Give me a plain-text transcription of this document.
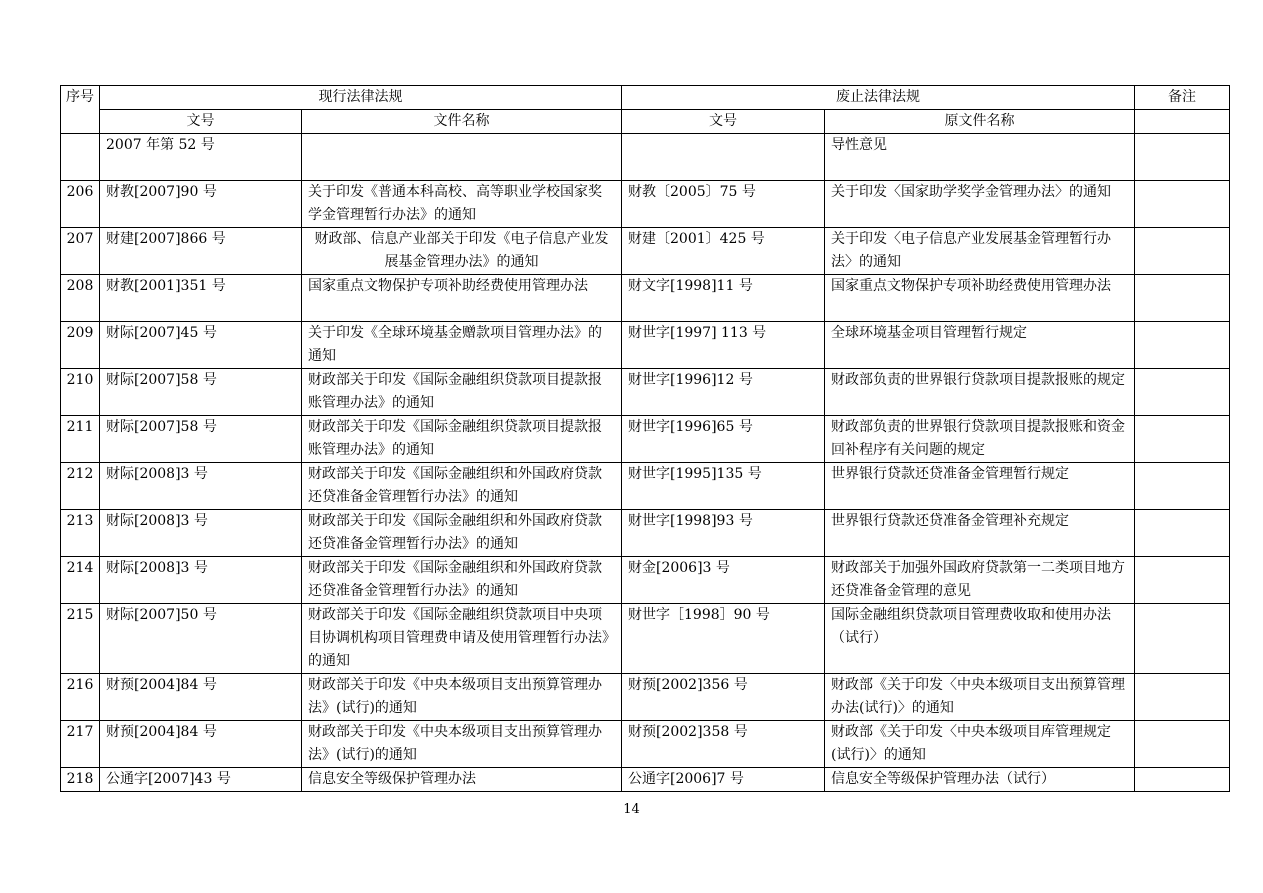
序号	现行法律法规		废止法律法规		备注
	文号	文件名称	文号	原文件名称	
	2007 年第 52 号			导性意见	
206	财教[2007]90 号	关于印发《普通本科高校、高等职业学校国家奖学金管理暂行办法》的通知	财教〔2005〕75 号	关于印发〈国家助学奖学金管理办法〉的通知	
207	财建[2007]866 号	财政部、信息产业部关于印发《电子信息产业发展基金管理办法》的通知	财建〔2001〕425 号	关于印发〈电子信息产业发展基金管理暂行办法〉的通知	
208	财教[2001]351 号	国家重点文物保护专项补助经费使用管理办法	财文字[1998]11 号	国家重点文物保护专项补助经费使用管理办法	
209	财际[2007]45 号	关于印发《全球环境基金赠款项目管理办法》的通知	财世字[1997] 113 号	全球环境基金项目管理暂行规定	
210	财际[2007]58 号	财政部关于印发《国际金融组织贷款项目提款报账管理办法》的通知	财世字[1996]12 号	财政部负责的世界银行贷款项目提款报账的规定	
211	财际[2007]58 号	财政部关于印发《国际金融组织贷款项目提款报账管理办法》的通知	财世字[1996]65 号	财政部负责的世界银行贷款项目提款报账和资金回补程序有关问题的规定	
212	财际[2008]3 号	财政部关于印发《国际金融组织和外国政府贷款还贷准备金管理暂行办法》的通知	财世字[1995]135 号	世界银行贷款还贷准备金管理暂行规定	
213	财际[2008]3 号	财政部关于印发《国际金融组织和外国政府贷款还贷准备金管理暂行办法》的通知	财世字[1998]93 号	世界银行贷款还贷准备金管理补充规定	
214	财际[2008]3 号	财政部关于印发《国际金融组织和外国政府贷款还贷准备金管理暂行办法》的通知	财金[2006]3 号	财政部关于加强外国政府贷款第一二类项目地方还贷准备金管理的意见	
215	财际[2007]50 号	财政部关于印发《国际金融组织贷款项目中央项目协调机构项目管理费申请及使用管理暂行办法》的通知	财世字［1998］90 号	国际金融组织贷款项目管理费收取和使用办法（试行）	
216	财预[2004]84 号	财政部关于印发《中央本级项目支出预算管理办法》(试行)的通知	财预[2002]356 号	财政部《关于印发〈中央本级项目支出预算管理办法(试行)〉的通知	
217	财预[2004]84 号	财政部关于印发《中央本级项目支出预算管理办法》(试行)的通知	财预[2002]358 号	财政部《关于印发〈中央本级项目库管理规定(试行)〉的通知	
218	公通字[2007]43 号	信息安全等级保护管理办法	公通字[2006]7 号	信息安全等级保护管理办法（试行）	
14
